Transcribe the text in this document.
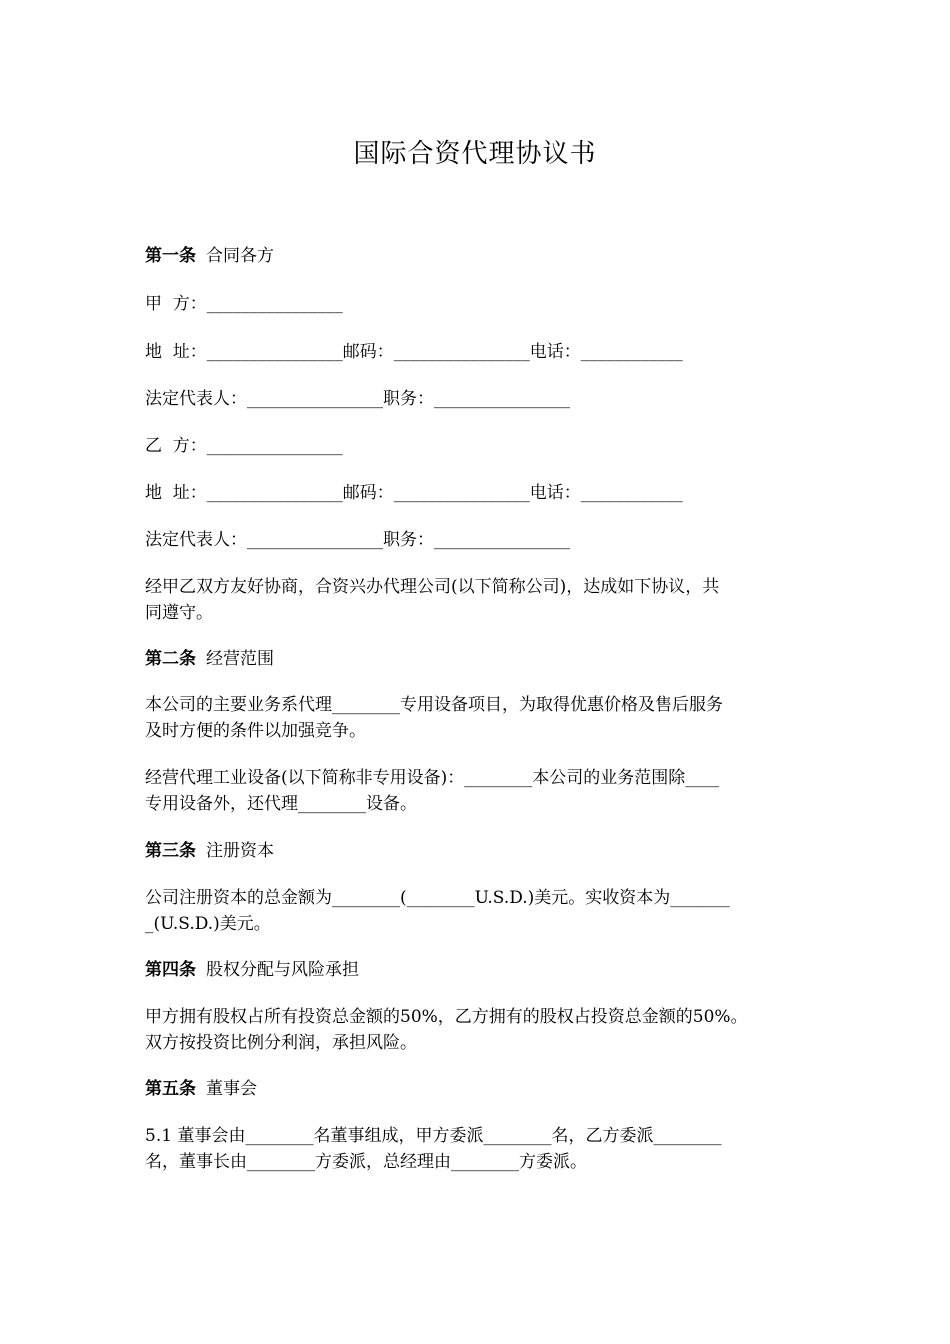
国际合资代理协议书
第一条 合同各方
甲  方：________________
地  址：________________邮码：________________电话：____________
法定代表人：________________职务：________________
乙  方：________________
地  址：________________邮码：________________电话：____________
法定代表人：________________职务：________________
经甲乙双方友好协商，合资兴办代理公司(以下简称公司)，达成如下协议，共
同遵守。
第二条 经营范围
本公司的主要业务系代理________专用设备项目，为取得优惠价格及售后服务
及时方便的条件以加强竞争。
经营代理工业设备(以下简称非专用设备)：________本公司的业务范围除____
专用设备外，还代理________设备。
第三条 注册资本
公司注册资本的总金额为________(________U.S.D.)美元。实收资本为_______
_(U.S.D.)美元。
第四条 股权分配与风险承担
甲方拥有股权占所有投资总金额的50%，乙方拥有的股权占投资总金额的50%。
双方按投资比例分利润，承担风险。
第五条 董事会
5.1 董事会由________名董事组成，甲方委派________名，乙方委派________
名，董事长由________方委派，总经理由________方委派。
